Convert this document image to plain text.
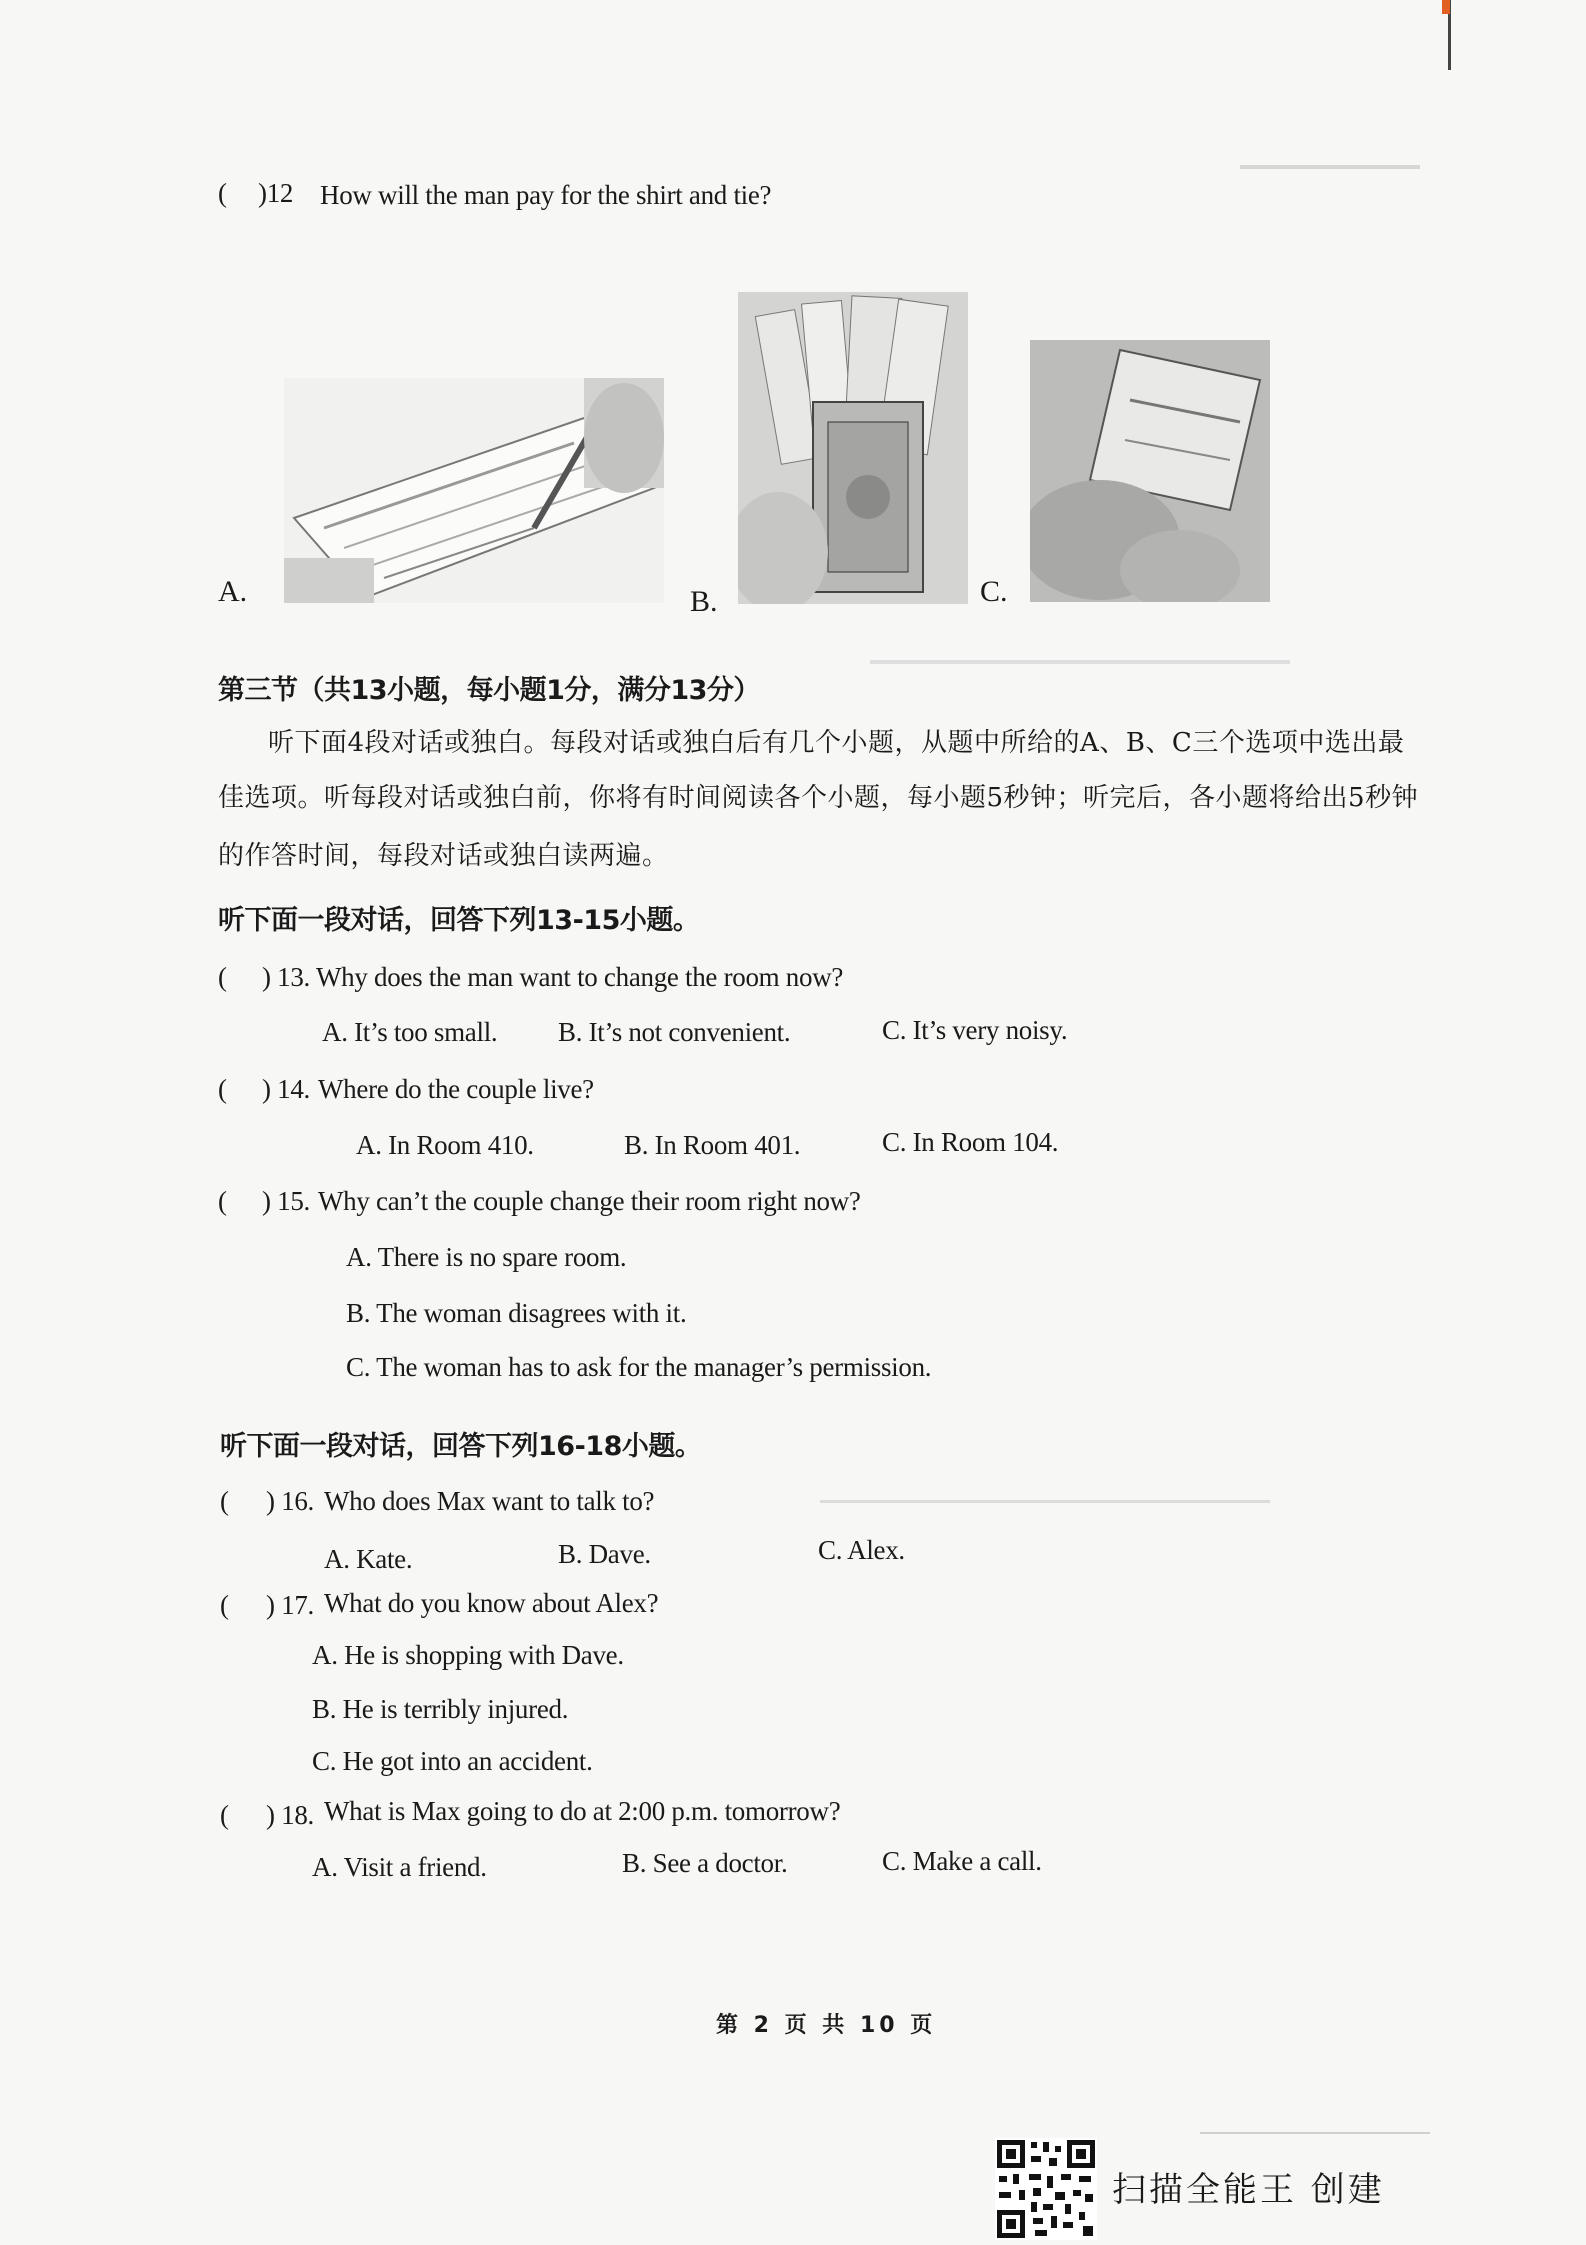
( )12 How will the man pay for the shirt and tie?
A.	B.	C.
第三节（共13小题，每小题1分，满分13分）
听下面4段对话或独白。每段对话或独白后有几个小题，从题中所给的A、B、C三个选项中选出最
佳选项。听每段对话或独白前，你将有时间阅读各个小题，每小题5秒钟；听完后，各小题将给出5秒钟
的作答时间，每段对话或独白读两遍。
听下面一段对话，回答下列13-15小题。
( ) 13. Why does the man want to change the room now?
A. It’s too small. B. It’s not convenient.	C. It’s very noisy.
( ) 14. Where do the couple live?
A. In Room 410.	B. In Room 401.	C. In Room 104.
( ) 15. Why can’t the couple change their room right now?
A. There is no spare room.
B. The woman disagrees with it.
C. The woman has to ask for the manager’s permission.
听下面一段对话，回答下列16-18小题。
( ) 16. Who does Max want to talk to?
A. Kate.	B. Dave.	C. Alex.
( ) 17. What do you know about Alex?
A. He is shopping with Dave.
B. He is terribly injured.
C. He got into an accident.
( ) 18. What is Max going to do at 2:00 p.m. tomorrow?
A. Visit a friend.	B. See a doctor.	C. Make a call.
第 2 页 共 10 页
扫描全能王 创建
